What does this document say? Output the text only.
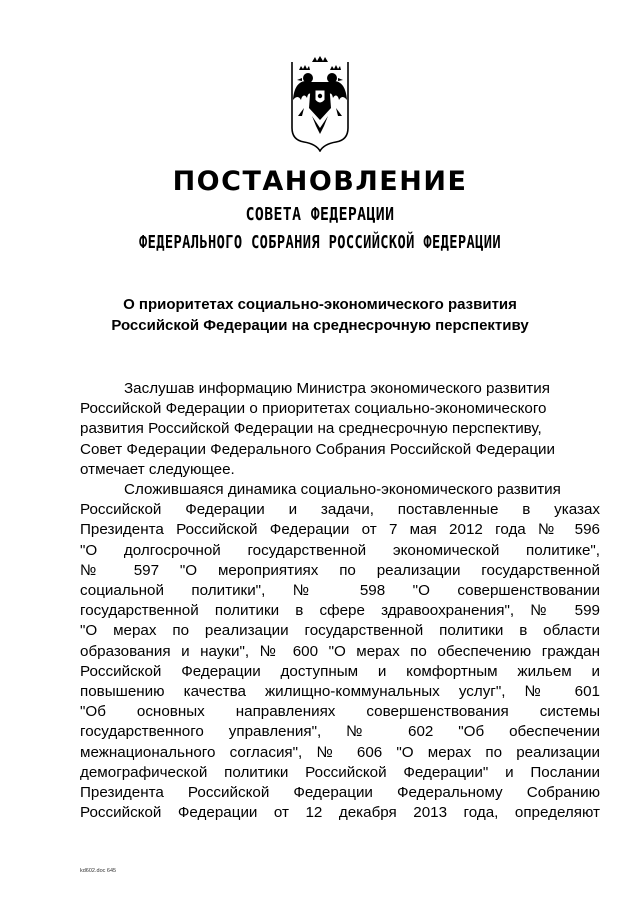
ПОСТАНОВЛЕНИЕ
СОВЕТА ФЕДЕРАЦИИ
ФЕДЕРАЛЬНОГО СОБРАНИЯ РОССИЙСКОЙ ФЕДЕРАЦИИ
О приоритетах социально-экономического развития
Российской Федерации на среднесрочную перспективу
Заслушав информацию Министра экономического развития
Российской Федерации о приоритетах социально-экономического
развития Российской Федерации на среднесрочную перспективу,
Совет Федерации Федерального Собрания Российской Федерации
отмечает следующее.
Сложившаяся динамика социально-экономического развития
Российской Федерации и задачи, поставленные в указах
Президента Российской Федерации от 7 мая 2012 года № 596
"О долгосрочной государственной экономической политике",
№ 597 "О мероприятиях по реализации государственной
социальной политики", № 598 "О совершенствовании
государственной политики в сфере здравоохранения", № 599
"О мерах по реализации государственной политики в области
образования и науки", № 600 "О мерах по обеспечению граждан
Российской Федерации доступным и комфортным жильем и
повышению качества жилищно-коммунальных услуг", № 601
"Об основных направлениях совершенствования системы
государственного управления", № 602 "Об обеспечении
межнационального согласия", № 606 "О мерах по реализации
демографической политики Российской Федерации" и Послании
Президента Российской Федерации Федеральному Собранию
Российской Федерации от 12 декабря 2013 года, определяют
kd602.doc 645
